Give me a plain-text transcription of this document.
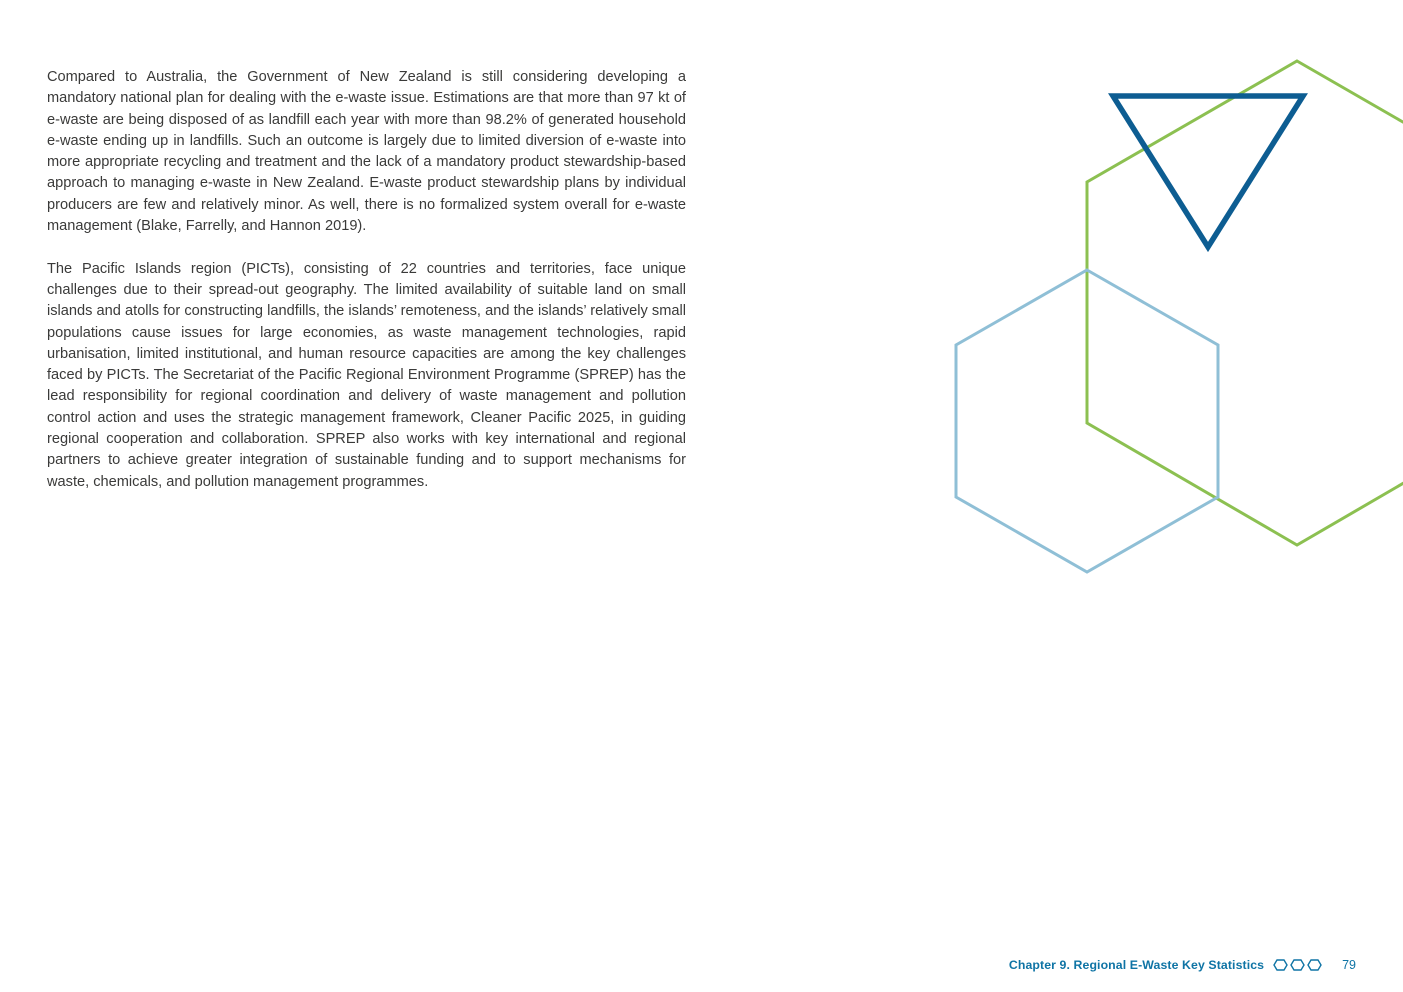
Compared to Australia, the Government of New Zealand is still considering developing a mandatory national plan for dealing with the e-waste issue. Estimations are that more than 97 kt of e-waste are being disposed of as landfill each year with more than 98.2% of generated household e-waste ending up in landfills. Such an outcome is largely due to limited diversion of e-waste into more appropriate recycling and treatment and the lack of a mandatory product stewardship-based approach to managing e-waste in New Zealand. E-waste product stewardship plans by individual producers are few and relatively minor. As well, there is no formalized system overall for e-waste management (Blake, Farrelly, and Hannon 2019).

The Pacific Islands region (PICTs), consisting of 22 countries and territories, face unique challenges due to their spread-out geography. The limited availability of suitable land on small islands and atolls for constructing landfills, the islands’ remoteness, and the islands’ relatively small populations cause issues for large economies, as waste management technologies, rapid urbanisation, limited institutional, and human resource capacities are among the key challenges faced by PICTs. The Secretariat of the Pacific Regional Environment Programme (SPREP) has the lead responsibility for regional coordination and delivery of waste management and pollution control action and uses the strategic management framework, Cleaner Pacific 2025, in guiding regional cooperation and collaboration. SPREP also works with key international and regional partners to achieve greater integration of sustainable funding and to support mechanisms for waste, chemicals, and pollution management programmes.

Chapter 9. Regional E-Waste Key Statistics	79
